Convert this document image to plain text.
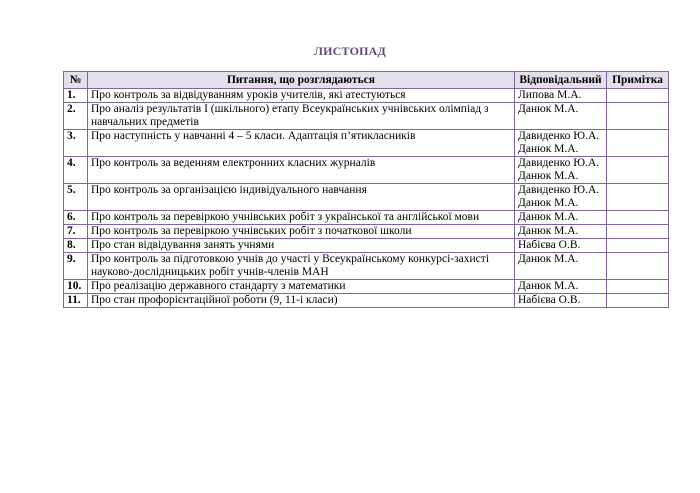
ЛИСТОПАД
№	Питання, що розглядаються	Відповідальний	Примітка
1.	Про контроль за відвідуванням уроків учителів, які атестуються	Липова М.А.	

2.	Про аналіз результатів I (шкільного) етапу Всеукраїнських учнівських олімпіад з навчальних предметів	Данюк М.А.	

3.	Про наступність у навчанні 4 – 5 класи. Адаптація п’ятикласників	Давиденко Ю.А.
Данюк М.А.	

4.	Про контроль за веденням електронних класних журналів	Давиденко Ю.А.
Данюк М.А.	

5.	Про контроль за організацією індивідуального навчання	Давиденко Ю.А.
Данюк М.А.	

6.	Про контроль за перевіркою учнівських робіт з української та англійської мови	Данюк М.А.	

7.	Про контроль за перевіркою учнівських робіт з початкової школи	Данюк М.А.	

8.	Про стан відвідування занять учнями	Набієва О.В.	

9.	Про контроль за підготовкою учнів до участі у Всеукраїнському конкурсі-захисті науково-дослідницьких робіт учнів-членів МАН	Данюк М.А.	

10.	Про реалізацію державного стандарту з математики	Данюк М.А.	

11.	Про стан профорієнтаційної роботи (9, 11-і класи)	Набієва О.В.	
